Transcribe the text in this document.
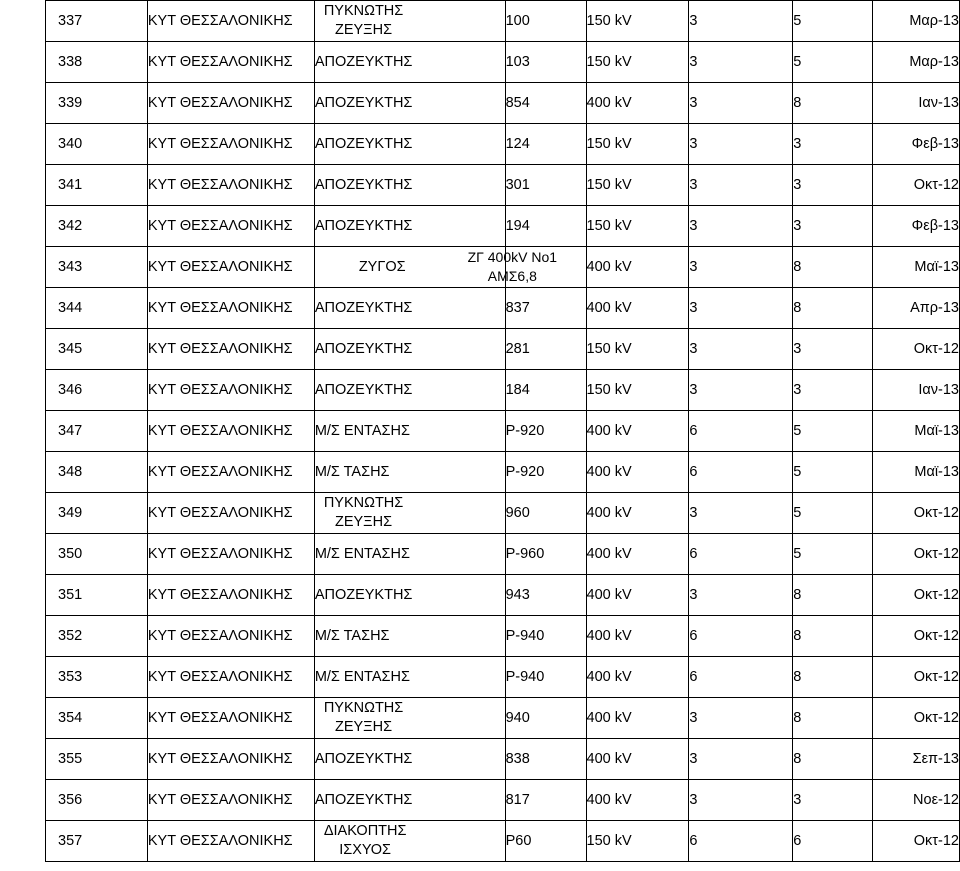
337	ΚΥΤ ΘΕΣΣΑΛΟΝΙΚΗΣ	ΠΥΚΝΩΤΗΣ
ΖΕΥΞΗΣ	100	150 kV	3	5	Μαρ-13
338	ΚΥΤ ΘΕΣΣΑΛΟΝΙΚΗΣ	ΑΠΟΖΕΥΚΤΗΣ	103	150 kV	3	5	Μαρ-13
339	ΚΥΤ ΘΕΣΣΑΛΟΝΙΚΗΣ	ΑΠΟΖΕΥΚΤΗΣ	854	400 kV	3	8	Ιαν-13
340	ΚΥΤ ΘΕΣΣΑΛΟΝΙΚΗΣ	ΑΠΟΖΕΥΚΤΗΣ	124	150 kV	3	3	Φεβ-13
341	ΚΥΤ ΘΕΣΣΑΛΟΝΙΚΗΣ	ΑΠΟΖΕΥΚΤΗΣ	301	150 kV	3	3	Οκτ-12
342	ΚΥΤ ΘΕΣΣΑΛΟΝΙΚΗΣ	ΑΠΟΖΕΥΚΤΗΣ	194	150 kV	3	3	Φεβ-13
343	ΚΥΤ ΘΕΣΣΑΛΟΝΙΚΗΣ	ΖΥΓΟΣ	ΖΓ 400kV Νο1
ΑΜΣ6,8	400 kV	3	8	Μαϊ-13
344	ΚΥΤ ΘΕΣΣΑΛΟΝΙΚΗΣ	ΑΠΟΖΕΥΚΤΗΣ	837	400 kV	3	8	Απρ-13
345	ΚΥΤ ΘΕΣΣΑΛΟΝΙΚΗΣ	ΑΠΟΖΕΥΚΤΗΣ	281	150 kV	3	3	Οκτ-12
346	ΚΥΤ ΘΕΣΣΑΛΟΝΙΚΗΣ	ΑΠΟΖΕΥΚΤΗΣ	184	150 kV	3	3	Ιαν-13
347	ΚΥΤ ΘΕΣΣΑΛΟΝΙΚΗΣ	Μ/Σ ΕΝΤΑΣΗΣ	Ρ-920	400 kV	6	5	Μαϊ-13
348	ΚΥΤ ΘΕΣΣΑΛΟΝΙΚΗΣ	Μ/Σ ΤΑΣΗΣ	Ρ-920	400 kV	6	5	Μαϊ-13
349	ΚΥΤ ΘΕΣΣΑΛΟΝΙΚΗΣ	ΠΥΚΝΩΤΗΣ
ΖΕΥΞΗΣ	960	400 kV	3	5	Οκτ-12
350	ΚΥΤ ΘΕΣΣΑΛΟΝΙΚΗΣ	Μ/Σ ΕΝΤΑΣΗΣ	Ρ-960	400 kV	6	5	Οκτ-12
351	ΚΥΤ ΘΕΣΣΑΛΟΝΙΚΗΣ	ΑΠΟΖΕΥΚΤΗΣ	943	400 kV	3	8	Οκτ-12
352	ΚΥΤ ΘΕΣΣΑΛΟΝΙΚΗΣ	Μ/Σ ΤΑΣΗΣ	Ρ-940	400 kV	6	8	Οκτ-12
353	ΚΥΤ ΘΕΣΣΑΛΟΝΙΚΗΣ	Μ/Σ ΕΝΤΑΣΗΣ	Ρ-940	400 kV	6	8	Οκτ-12
354	ΚΥΤ ΘΕΣΣΑΛΟΝΙΚΗΣ	ΠΥΚΝΩΤΗΣ
ΖΕΥΞΗΣ	940	400 kV	3	8	Οκτ-12
355	ΚΥΤ ΘΕΣΣΑΛΟΝΙΚΗΣ	ΑΠΟΖΕΥΚΤΗΣ	838	400 kV	3	8	Σεπ-13
356	ΚΥΤ ΘΕΣΣΑΛΟΝΙΚΗΣ	ΑΠΟΖΕΥΚΤΗΣ	817	400 kV	3	3	Νοε-12
357	ΚΥΤ ΘΕΣΣΑΛΟΝΙΚΗΣ	ΔΙΑΚΟΠΤΗΣ
ΙΣΧΥΟΣ	Ρ60	150 kV	6	6	Οκτ-12
